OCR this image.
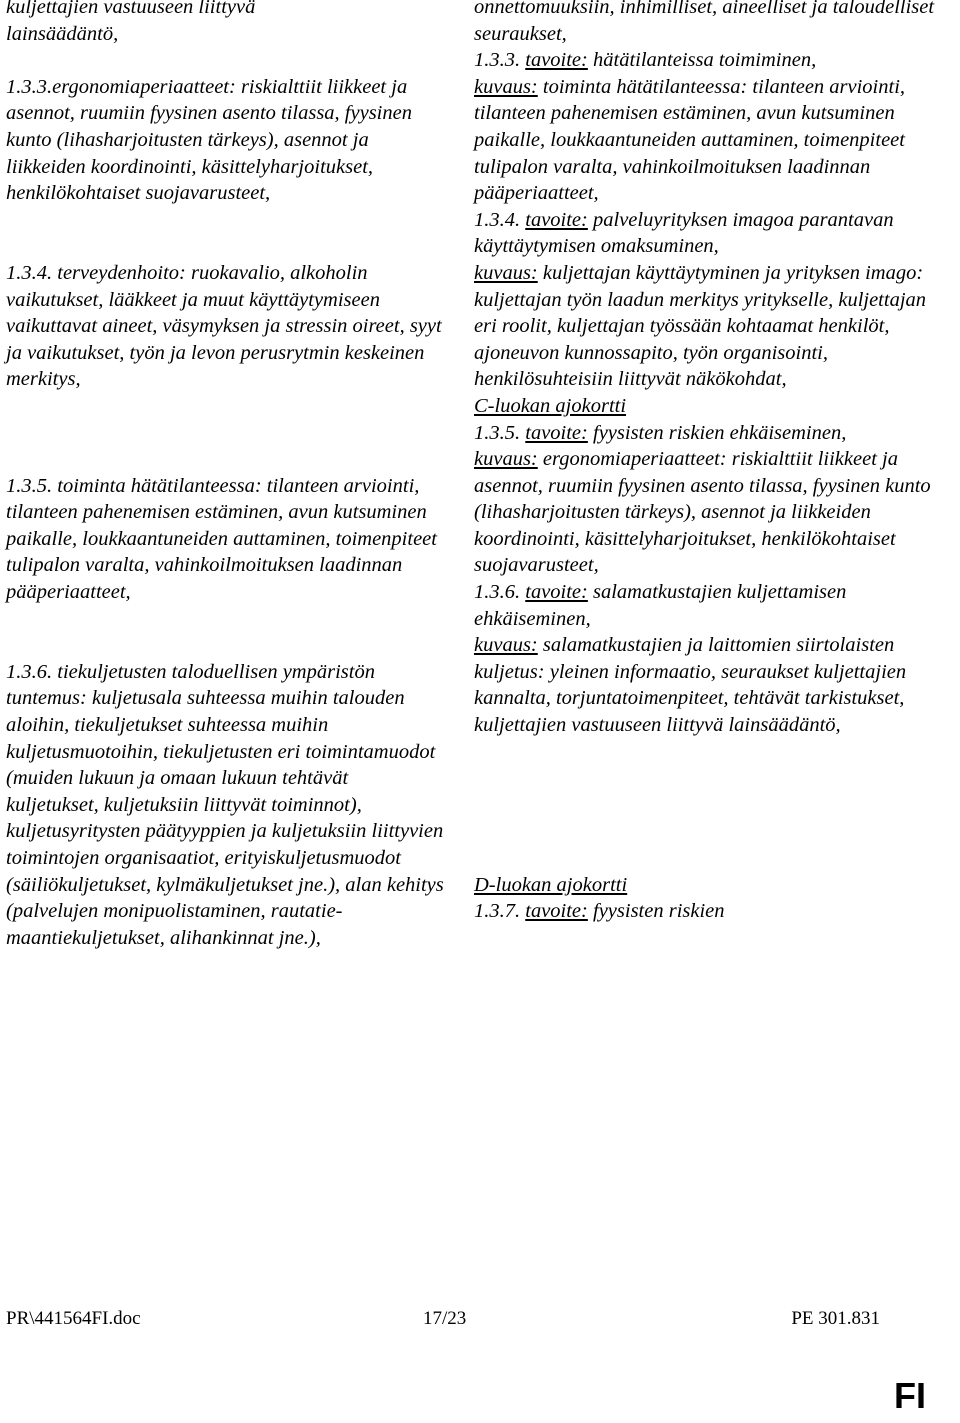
kuljettajien vastuuseen liittyvä

lainsäädäntö,

1.3.3.ergonomiaperiaatteet: riskialttiit liikkeet ja asennot, ruumiin fyysinen asento tilassa, fyysinen kunto (lihasharjoitusten tärkeys), asennot ja liikkeiden koordinointi, käsittelyharjoitukset, henkilökohtaiset suojavarusteet,

1.3.4. terveydenhoito: ruokavalio, alkoholin vaikutukset, lääkkeet ja muut käyttäytymiseen vaikuttavat aineet, väsymyksen ja stressin oireet, syyt ja vaikutukset, työn ja levon perusrytmin keskeinen merkitys,

1.3.5. toiminta hätätilanteessa: tilanteen arviointi, tilanteen pahenemisen estäminen, avun kutsuminen paikalle, loukkaantuneiden auttaminen, toimenpiteet tulipalon varalta, vahinkoilmoituksen laadinnan pääperiaatteet,

1.3.6. tiekuljetusten taloduellisen ympäristön tuntemus: kuljetusala suhteessa muihin talouden aloihin, tiekuljetukset suhteessa muihin kuljetusmuotoihin, tiekuljetusten eri toimintamuodot (muiden lukuun ja omaan lukuun tehtävät kuljetukset, kuljetuksiin liittyvät toiminnot), kuljetusyritysten päätyyppien ja kuljetuksiin liittyvien toimintojen organisaatiot, erityiskuljetusmuodot (säiliökuljetukset, kylmäkuljetukset jne.), alan kehitys (palvelujen monipuolistaminen, rautatie-maantiekuljetukset, alihankinnat jne.),

onnettomuuksiin, inhimilliset, aineelliset ja taloudelliset seuraukset,

1.3.3. tavoite: hätätilanteissa toimiminen,

kuvaus: toiminta hätätilanteessa: tilanteen arviointi, tilanteen pahenemisen estäminen, avun kutsuminen paikalle, loukkaantuneiden auttaminen, toimenpiteet tulipalon varalta, vahinkoilmoituksen laadinnan pääperiaatteet,

1.3.4. tavoite: palveluyrityksen imagoa parantavan käyttäytymisen omaksuminen,

kuvaus: kuljettajan käyttäytyminen ja yrityksen imago: kuljettajan työn laadun merkitys yritykselle, kuljettajan eri roolit, kuljettajan työssään kohtaamat henkilöt, ajoneuvon kunnossapito, työn organisointi, henkilösuhteisiin liittyvät näkökohdat,

C-luokan ajokortti

1.3.5. tavoite: fyysisten riskien ehkäiseminen,

kuvaus: ergonomiaperiaatteet: riskialttiit liikkeet ja asennot, ruumiin fyysinen asento tilassa, fyysinen kunto (lihasharjoitusten tärkeys), asennot ja liikkeiden koordinointi, käsittelyharjoitukset, henkilökohtaiset suojavarusteet,

1.3.6. tavoite: salamatkustajien kuljettamisen ehkäiseminen,

kuvaus: salamatkustajien ja laittomien siirtolaisten kuljetus: yleinen informaatio, seuraukset kuljettajien kannalta, torjuntatoimenpiteet, tehtävät tarkistukset, kuljettajien vastuuseen liittyvä lainsäädäntö,

D-luokan ajokortti

1.3.7. tavoite: fyysisten riskien

PR\441564FI.doc	17/23	PE 301.831
FI
